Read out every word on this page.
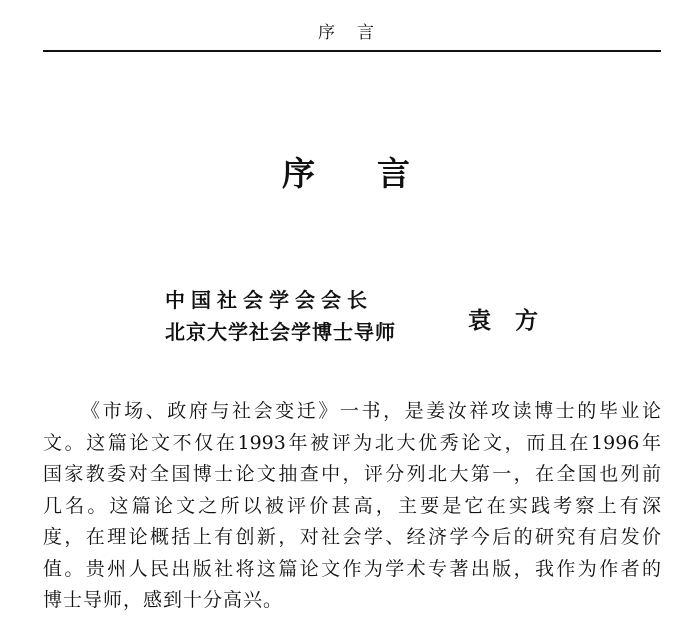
序言
序言
中国社会学会会长
北京大学社会学博士导师	袁方
《市场、政府与社会变迁》一书，是姜汝祥攻读博士的毕业论
文。这篇论文不仅在1993年被评为北大优秀论文，而且在1996年
国家教委对全国博士论文抽查中，评分列北大第一，在全国也列前
几名。这篇论文之所以被评价甚高，主要是它在实践考察上有深
度，在理论概括上有创新，对社会学、经济学今后的研究有启发价
值。贵州人民出版社将这篇论文作为学术专著出版，我作为作者的
博士导师，感到十分高兴。
